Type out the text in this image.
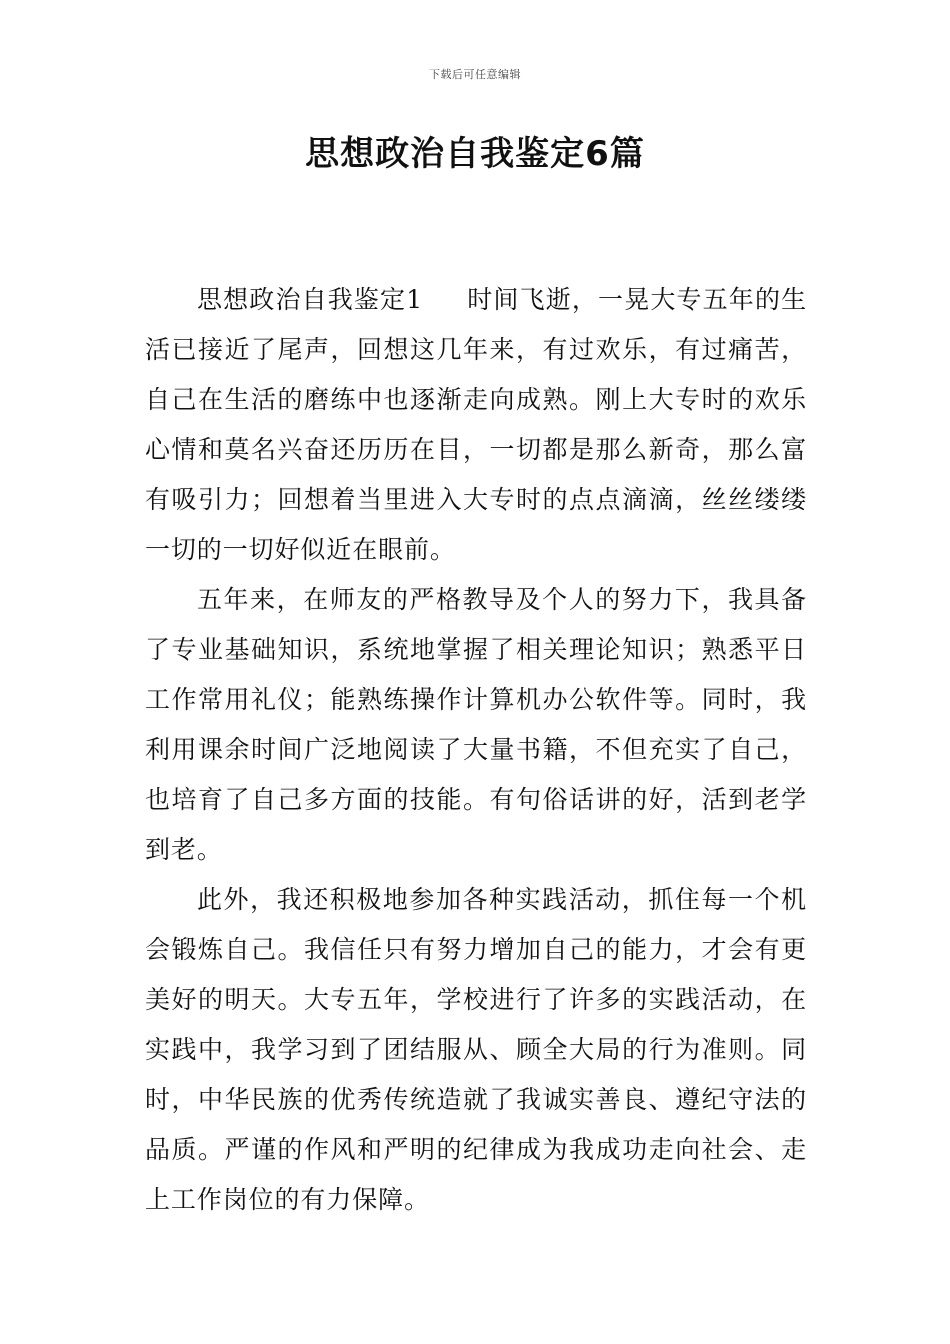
下载后可任意编辑
思想政治自我鉴定6篇

思想政治自我鉴定1 时间飞逝，一晃大专五年的生活已接近了尾声，回想这几年来，有过欢乐，有过痛苦，自己在生活的磨练中也逐渐走向成熟。刚上大专时的欢乐心情和莫名兴奋还历历在目，一切都是那么新奇，那么富有吸引力；回想着当里进入大专时的点点滴滴，丝丝缕缕一切的一切好似近在眼前。

五年来，在师友的严格教导及个人的努力下，我具备了专业基础知识，系统地掌握了相关理论知识；熟悉平日工作常用礼仪；能熟练操作计算机办公软件等。同时，我利用课余时间广泛地阅读了大量书籍，不但充实了自己，也培育了自己多方面的技能。有句俗话讲的好，活到老学到老。

此外，我还积极地参加各种实践活动，抓住每一个机会锻炼自己。我信任只有努力增加自己的能力，才会有更美好的明天。大专五年，学校进行了许多的实践活动，在实践中，我学习到了团结服从、顾全大局的行为准则。同时，中华民族的优秀传统造就了我诚实善良、遵纪守法的品质。严谨的作风和严明的纪律成为我成功走向社会、走上工作岗位的有力保障。
